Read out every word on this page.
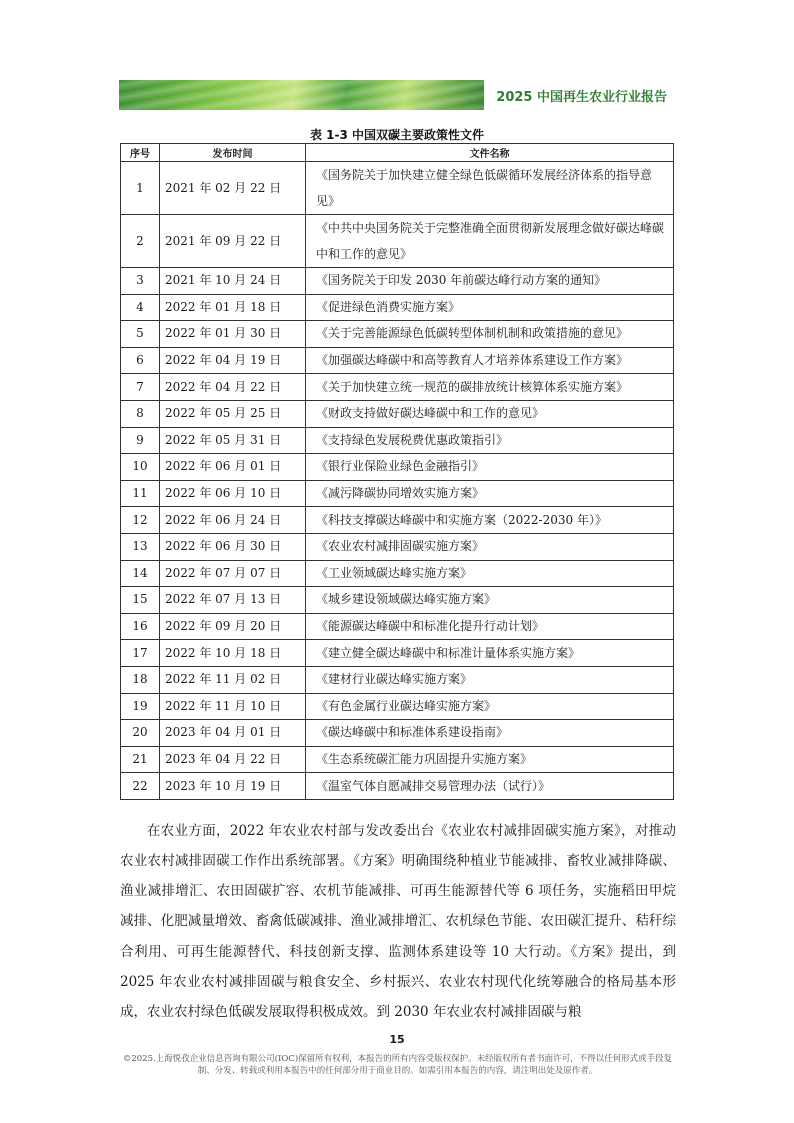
2025 中国再生农业行业报告
表 1-3 中国双碳主要政策性文件
序号	发布时间	文件名称
1	2021 年 02 月 22 日	《国务院关于加快建立健全绿色低碳循环发展经济体系的指导意见》
2	2021 年 09 月 22 日	《中共中央国务院关于完整准确全面贯彻新发展理念做好碳达峰碳中和工作的意见》
3	2021 年 10 月 24 日	《国务院关于印发 2030 年前碳达峰行动方案的通知》
4	2022 年 01 月 18 日	《促进绿色消费实施方案》
5	2022 年 01 月 30 日	《关于完善能源绿色低碳转型体制机制和政策措施的意见》
6	2022 年 04 月 19 日	《加强碳达峰碳中和高等教育人才培养体系建设工作方案》
7	2022 年 04 月 22 日	《关于加快建立统一规范的碳排放统计核算体系实施方案》
8	2022 年 05 月 25 日	《财政支持做好碳达峰碳中和工作的意见》
9	2022 年 05 月 31 日	《支持绿色发展税费优惠政策指引》
10	2022 年 06 月 01 日	《银行业保险业绿色金融指引》
11	2022 年 06 月 10 日	《减污降碳协同增效实施方案》
12	2022 年 06 月 24 日	《科技支撑碳达峰碳中和实施方案（2022-2030 年）》
13	2022 年 06 月 30 日	《农业农村减排固碳实施方案》
14	2022 年 07 月 07 日	《工业领域碳达峰实施方案》
15	2022 年 07 月 13 日	《城乡建设领域碳达峰实施方案》
16	2022 年 09 月 20 日	《能源碳达峰碳中和标准化提升行动计划》
17	2022 年 10 月 18 日	《建立健全碳达峰碳中和标准计量体系实施方案》
18	2022 年 11 月 02 日	《建材行业碳达峰实施方案》
19	2022 年 11 月 10 日	《有色金属行业碳达峰实施方案》
20	2023 年 04 月 01 日	《碳达峰碳中和标准体系建设指南》
21	2023 年 04 月 22 日	《生态系统碳汇能力巩固提升实施方案》
22	2023 年 10 月 19 日	《温室气体自愿减排交易管理办法（试行）》

在农业方面，2022 年农业农村部与发改委出台《农业农村减排固碳实施方案》，对推动农业农村减排固碳工作作出系统部署。《方案》明确围绕种植业节能减排、畜牧业减排降碳、渔业减排增汇、农田固碳扩容、农机节能减排、可再生能源替代等 6 项任务，实施稻田甲烷减排、化肥减量增效、畜禽低碳减排、渔业减排增汇、农机绿色节能、农田碳汇提升、秸秆综合利用、可再生能源替代、科技创新支撑、监测体系建设等 10 大行动。《方案》提出，到 2025 年农业农村减排固碳与粮食安全、乡村振兴、农业农村现代化统筹融合的格局基本形成，农业农村绿色低碳发展取得积极成效。到 2030 年农业农村减排固碳与粮

15
©2025.上海悦孜企业信息咨询有限公司(IOC)保留所有权利，本报告的所有内容受版权保护。未经版权所有者书面许可，不得以任何形式或手段复制、分发、转载或利用本报告中的任何部分用于商业目的。如需引用本报告的内容，请注明出处及原作者。
